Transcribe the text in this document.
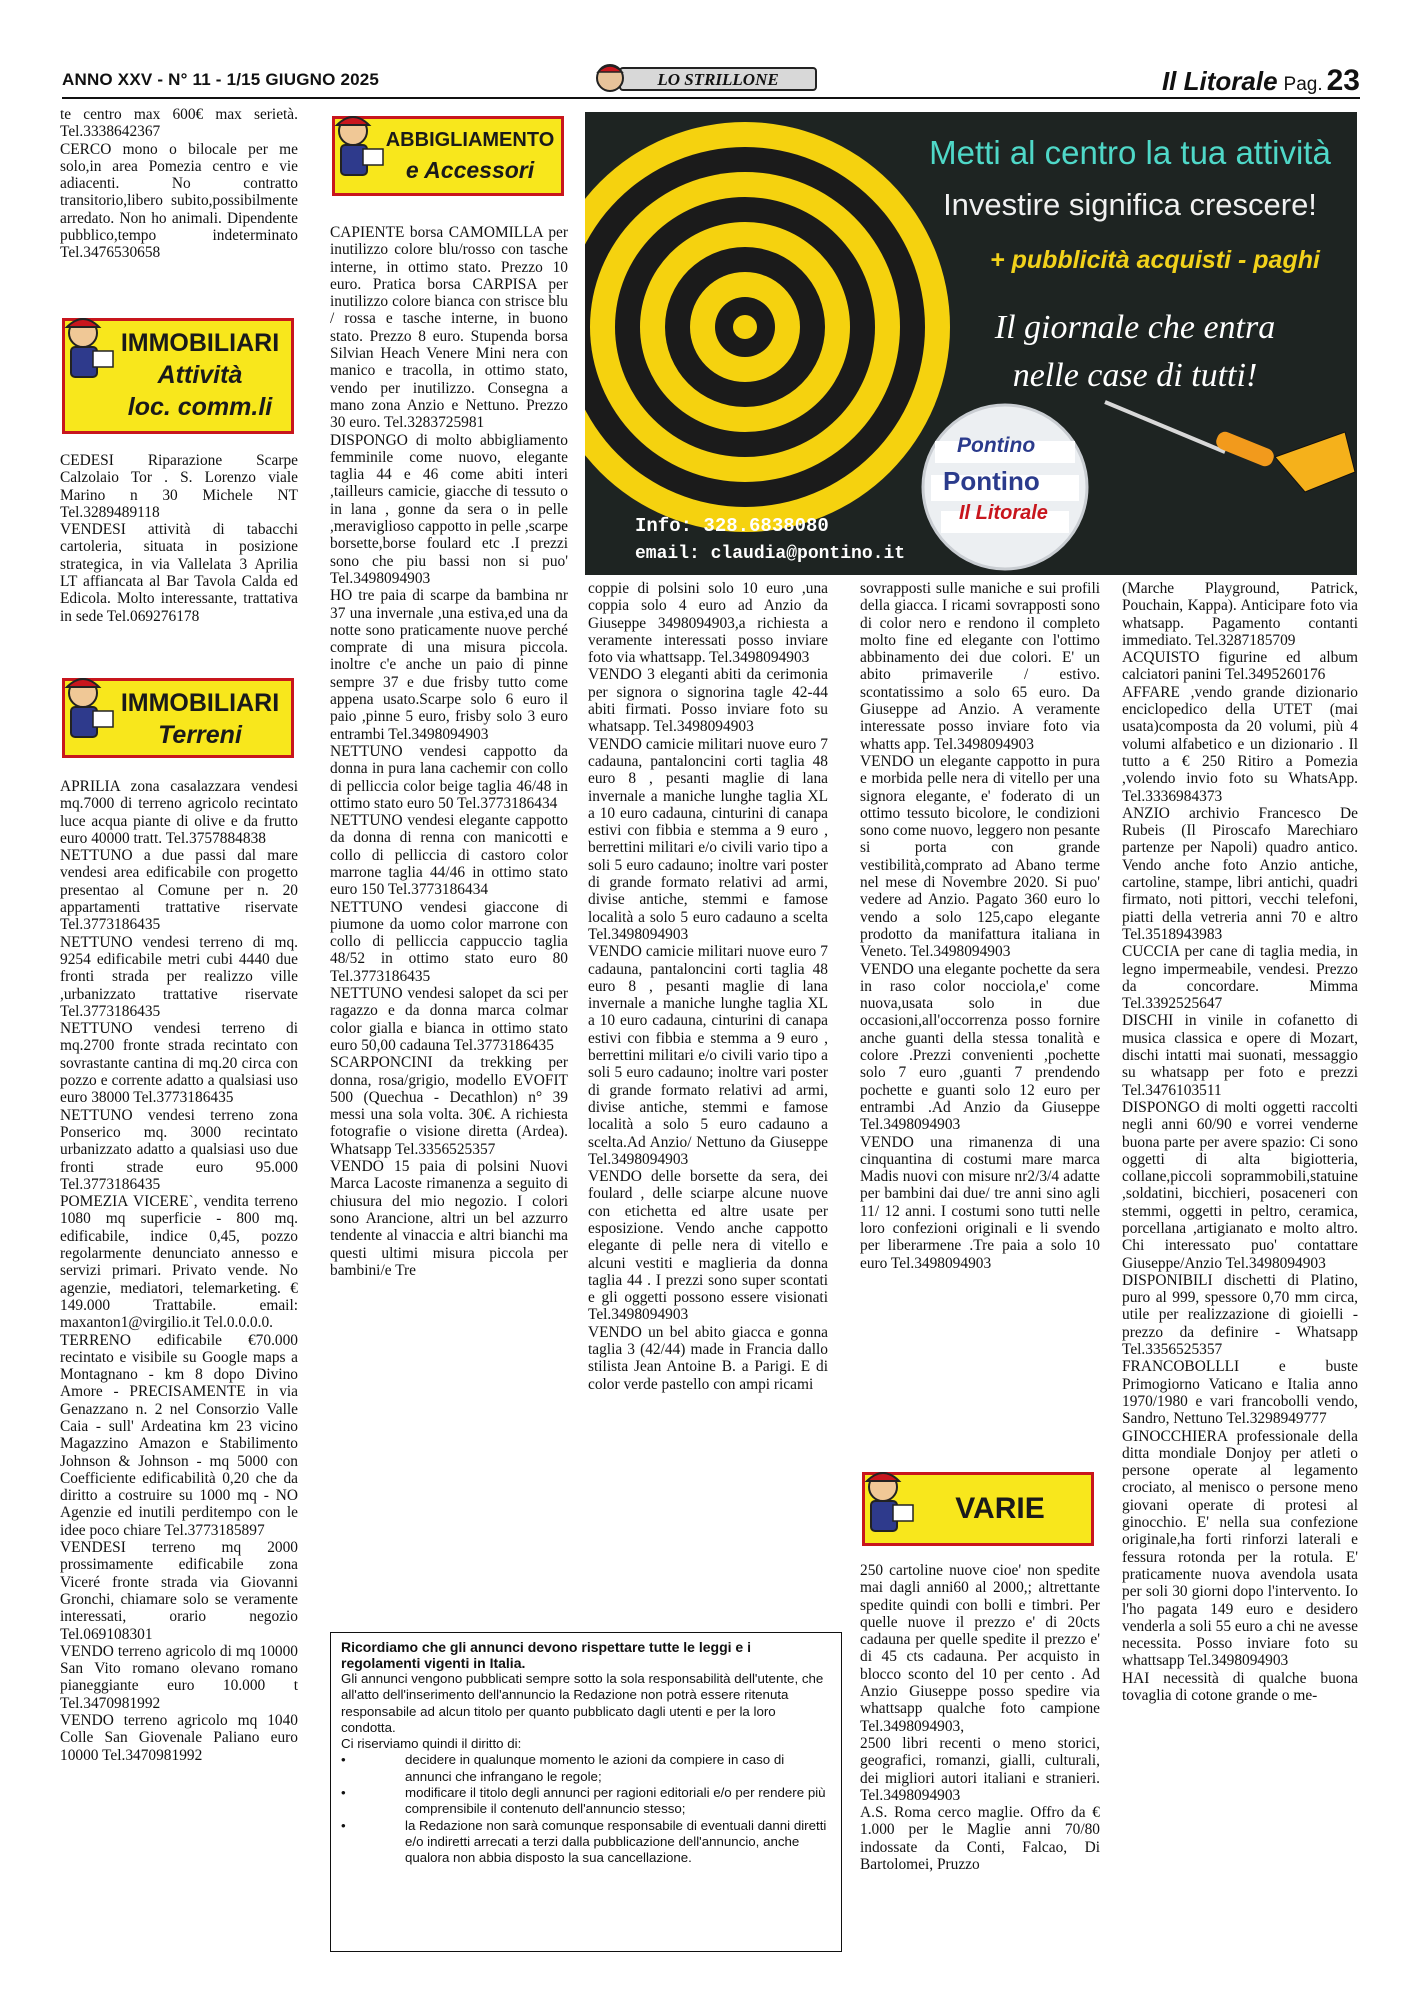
ANNO XXV - N° 11 - 1/15 GIUGNO 2025	LO STRILLONE	Il Litorale Pag. 23

te centro max 600€ max serietà. Tel.3338642367

CERCO mono o bilocale per me solo,in area Pomezia centro e vie adiacenti. No contratto transitorio,libero subito,possibilmente arredato. Non ho animali. Dipendente pubblico,tempo indeterminato Tel.3476530658

IMMOBILIARI
Attività
loc. comm.li

CEDESI Riparazione Scarpe Calzolaio Tor . S. Lorenzo viale Marino n 30 Michele NT Tel.3289489118

VENDESI attività di tabacchi cartoleria, situata in posizione strategica, in via Vallelata 3 Aprilia LT affiancata al Bar Tavola Calda ed Edicola. Molto interessante, trattativa in sede Tel.069276178

IMMOBILIARI
Terreni

APRILIA zona casalazzara vendesi mq.7000 di terreno agricolo recintato luce acqua piante di olive e da frutto euro 40000 tratt. Tel.3757884838

NETTUNO a due passi dal mare vendesi area edificabile con progetto presentao al Comune per n. 20 appartamenti trattative riservate Tel.3773186435

NETTUNO vendesi terreno di mq. 9254 edificabile metri cubi 4440 due fronti strada per realizzo ville ,urbanizzato trattative riservate Tel.3773186435

NETTUNO vendesi terreno di mq.2700 fronte strada recintato con sovrastante cantina di mq.20 circa con pozzo e corrente adatto a qualsiasi uso euro 38000 Tel.3773186435

NETTUNO vendesi terreno zona Ponserico mq. 3000 recintato urbanizzato adatto a qualsiasi uso due fronti strade euro 95.000 Tel.3773186435

POMEZIA VICERE`, vendita terreno 1080 mq superficie - 800 mq. edificabile, indice 0,45, pozzo regolarmente denunciato annesso e servizi primari. Privato vende. No agenzie, mediatori, telemarketing. € 149.000 Trattabile. email: maxanton1@virgilio.it Tel.0.0.0.0.

TERRENO edificabile €70.000 recintato e visibile su Google maps a Montagnano - km 8 dopo Divino Amore - PRECISAMENTE in via Genazzano n. 2 nel Consorzio Valle Caia - sull' Ardeatina km 23 vicino Magazzino Amazon e Stabilimento Johnson & Johnson - mq 5000 con Coefficiente edificabilità 0,20 che da diritto a costruire su 1000 mq - NO Agenzie ed inutili perditempo con le idee poco chiare Tel.3773185897

VENDESI terreno mq 2000 prossimamente edificabile zona Viceré fronte strada via Giovanni Gronchi, chiamare solo se veramente interessati, orario negozio Tel.069108301

VENDO terreno agricolo di mq 10000 San Vito romano olevano romano pianeggiante euro 10.000 t Tel.3470981992

VENDO terreno agricolo mq 1040 Colle San Giovenale Paliano euro 10000 Tel.3470981992

ABBIGLIAMENTO
e Accessori

CAPIENTE borsa CAMOMILLA per inutilizzo colore blu/rosso con tasche interne, in ottimo stato. Prezzo 10 euro. Pratica borsa CARPISA per inutilizzo colore bianca con strisce blu / rossa e tasche interne, in buono stato. Prezzo 8 euro. Stupenda borsa Silvian Heach Venere Mini nera con manico e tracolla, in ottimo stato, vendo per inutilizzo. Consegna a mano zona Anzio e Nettuno. Prezzo 30 euro. Tel.3283725981

DISPONGO di molto abbigliamento femminile come nuovo, elegante taglia 44 e 46 come abiti interi ,tailleurs camicie, giacche di tessuto o in lana , gonne da sera o in pelle ,meraviglioso cappotto in pelle ,scarpe borsette,borse foulard etc .I prezzi sono che piu bassi non si puo' Tel.3498094903

HO tre paia di scarpe da bambina nr 37 una invernale ,una estiva,ed una da notte sono praticamente nuove perché comprate di una misura piccola. inoltre c'e anche un paio di pinne sempre 37 e due frisby tutto come appena usato.Scarpe solo 6 euro il paio ,pinne 5 euro, frisby solo 3 euro entrambi Tel.3498094903

NETTUNO vendesi cappotto da donna in pura lana cachemir con collo di pelliccia color beige taglia 46/48 in ottimo stato euro 50 Tel.3773186434

NETTUNO vendesi elegante cappotto da donna di renna con manicotti e collo di pelliccia di castoro color marrone taglia 44/46 in ottimo stato euro 150 Tel.3773186434

NETTUNO vendesi giaccone di piumone da uomo color marrone con collo di pelliccia cappuccio taglia 48/52 in ottimo stato euro 80 Tel.3773186435

NETTUNO vendesi salopet da sci per ragazzo e da donna marca colmar color gialla e bianca in ottimo stato euro 50,00 cadauna Tel.3773186435

SCARPONCINI da trekking per donna, rosa/grigio, modello EVOFIT 500 (Quechua - Decathlon) n° 39 messi una sola volta. 30€. A richiesta fotografie o visione diretta (Ardea). Whatsapp Tel.3356525357

VENDO 15 paia di polsini Nuovi Marca Lacoste rimanenza a seguito di chiusura del mio negozio. I colori sono Arancione, altri un bel azzurro tendente al vinaccia e altri bianchi ma questi ultimi misura piccola per bambini/e Tre

Pontino
Pontino
Il Litorale
Metti al centro la tua attività
Investire significa crescere!
+ pubblicità acquisti - paghi
Il giornale che entra
nelle case di tutti!
Info: 328.6838080
email: claudia@pontino.it

coppie di polsini solo 10 euro ,una coppia solo 4 euro ad Anzio da Giuseppe 3498094903,a richiesta a veramente interessati posso inviare foto via whattsapp. Tel.3498094903

VENDO 3 eleganti abiti da cerimonia per signora o signorina tagle 42-44 abiti firmati. Posso inviare foto su whatsapp. Tel.3498094903

VENDO camicie militari nuove euro 7 cadauna, pantaloncini corti taglia 48 euro 8 , pesanti maglie di lana invernale a maniche lunghe taglia XL a 10 euro cadauna, cinturini di canapa estivi con fibbia e stemma a 9 euro , berrettini militari e/o civili vario tipo a soli 5 euro cadauno; inoltre vari poster di grande formato relativi ad armi, divise antiche, stemmi e famose località a solo 5 euro cadauno a scelta Tel.3498094903

VENDO camicie militari nuove euro 7 cadauna, pantaloncini corti taglia 48 euro 8 , pesanti maglie di lana invernale a maniche lunghe taglia XL a 10 euro cadauna, cinturini di canapa estivi con fibbia e stemma a 9 euro , berrettini militari e/o civili vario tipo a soli 5 euro cadauno; inoltre vari poster di grande formato relativi ad armi, divise antiche, stemmi e famose località a solo 5 euro cadauno a scelta.Ad Anzio/ Nettuno da Giuseppe Tel.3498094903

VENDO delle borsette da sera, dei foulard , delle sciarpe alcune nuove con etichetta ed altre usate per esposizione. Vendo anche cappotto elegante di pelle nera di vitello e alcuni vestiti e maglieria da donna taglia 44 . I prezzi sono super scontati e gli oggetti possono essere visionati Tel.3498094903

VENDO un bel abito giacca e gonna taglia 3 (42/44) made in Francia dallo stilista Jean Antoine B. a Parigi. E di color verde pastello con ampi ricami

sovrapposti sulle maniche e sui profili della giacca. I ricami sovrapposti sono di color nero e rendono il completo molto fine ed elegante con l'ottimo abbinamento dei due colori. E' un abito primaverile / estivo. scontatissimo a solo 65 euro. Da Giuseppe ad Anzio. A veramente interessate posso inviare foto via whatts app. Tel.3498094903

VENDO un elegante cappotto in pura e morbida pelle nera di vitello per una signora elegante, e' foderato di un ottimo tessuto bicolore, le condizioni sono come nuovo, leggero non pesante si porta con grande vestibilità,comprato ad Abano terme nel mese di Novembre 2020. Si puo' vedere ad Anzio. Pagato 360 euro lo vendo a solo 125,capo elegante prodotto da manifattura italiana in Veneto. Tel.3498094903

VENDO una elegante pochette da sera in raso color nocciola,e' come nuova,usata solo in due occasioni,all'occorrenza posso fornire anche guanti della stessa tonalità e colore .Prezzi convenienti ,pochette solo 7 euro ,guanti 7 prendendo pochette e guanti solo 12 euro per entrambi .Ad Anzio da Giuseppe Tel.3498094903

VENDO una rimanenza di una cinquantina di costumi mare marca Madis nuovi con misure nr2/3/4 adatte per bambini dai due/ tre anni sino agli 11/ 12 anni. I costumi sono tutti nelle loro confezioni originali e li svendo per liberarmene .Tre paia a solo 10 euro Tel.3498094903

VARIE

250 cartoline nuove cioe' non spedite mai dagli anni60 al 2000,; altrettante spedite quindi con bolli e timbri. Per quelle nuove il prezzo e' di 20cts cadauna per quelle spedite il prezzo e' di 45 cts cadauna. Per acquisto in blocco sconto del 10 per cento . Ad Anzio Giuseppe posso spedire via whattsapp qualche foto campione Tel.3498094903,

2500 libri recenti o meno storici, geografici, romanzi, gialli, culturali, dei migliori autori italiani e stranieri. Tel.3498094903

A.S. Roma cerco maglie. Offro da € 1.000 per le Maglie anni 70/80 indossate da Conti, Falcao, Di Bartolomei, Pruzzo

(Marche Playground, Patrick, Pouchain, Kappa). Anticipare foto via whatsapp. Pagamento contanti immediato. Tel.3287185709

ACQUISTO figurine ed album calciatori panini Tel.3495260176

AFFARE ,vendo grande dizionario enciclopedico della UTET (mai usata)composta da 20 volumi, più 4 volumi alfabetico e un dizionario . Il tutto a € 250 Ritiro a Pomezia ,volendo invio foto su WhatsApp. Tel.3336984373

ANZIO archivio Francesco De Rubeis (Il Piroscafo Marechiaro partenze per Napoli) quadro antico. Vendo anche foto Anzio antiche, cartoline, stampe, libri antichi, quadri firmato, noti pittori, vecchi telefoni, piatti della vetreria anni 70 e altro Tel.3518943983

CUCCIA per cane di taglia media, in legno impermeabile, vendesi. Prezzo da concordare. Mimma Tel.3392525647

DISCHI in vinile in cofanetto di musica classica e opere di Mozart, dischi intatti mai suonati, messaggio su whatsapp per foto e prezzi Tel.3476103511

DISPONGO di molti oggetti raccolti negli anni 60/90 e vorrei venderne buona parte per avere spazio: Ci sono oggetti di alta bigiotteria, collane,piccoli soprammobili,statuine ,soldatini, bicchieri, posaceneri con stemmi, oggetti in peltro, ceramica, porcellana ,artigianato e molto altro. Chi interessato puo' contattare Giuseppe/Anzio Tel.3498094903

DISPONIBILI dischetti di Platino, puro al 999, spessore 0,70 mm circa, utile per realizzazione di gioielli - prezzo da definire - Whatsapp Tel.3356525357

FRANCOBOLLLI e buste Primogiorno Vaticano e Italia anno 1970/1980 e vari francobolli vendo, Sandro, Nettuno Tel.3298949777

GINOCCHIERA professionale della ditta mondiale Donjoy per atleti o persone operate al legamento crociato, al menisco o persone meno giovani operate di protesi al ginocchio. E' nella sua confezione originale,ha forti rinforzi laterali e fessura rotonda per la rotula. E' praticamente nuova avendola usata per soli 30 giorni dopo l'intervento. Io l'ho pagata 149 euro e desidero venderla a soli 55 euro a chi ne avesse necessita. Posso inviare foto su whattsapp Tel.3498094903

HAI necessità di qualche buona tovaglia di cotone grande o me-

Ricordiamo che gli annunci devono rispettare tutte le leggi e i regolamenti vigenti in Italia.
Gli annunci vengono pubblicati sempre sotto la sola responsabilità dell'utente, che all'atto dell'inserimento dell'annuncio la Redazione non potrà essere ritenuta responsabile ad alcun titolo per quanto pubblicato dagli utenti e per la loro condotta.
Ci riserviamo quindi il diritto di:
• decidere in qualunque momento le azioni da compiere in caso di annunci che infrangano le regole;
• modificare il titolo degli annunci per ragioni editoriali e/o per rendere più comprensibile il contenuto dell'annuncio stesso;
• la Redazione non sarà comunque responsabile di eventuali danni diretti e/o indiretti arrecati a terzi dalla pubblicazione dell'annuncio, anche qualora non abbia disposto la sua cancellazione.
